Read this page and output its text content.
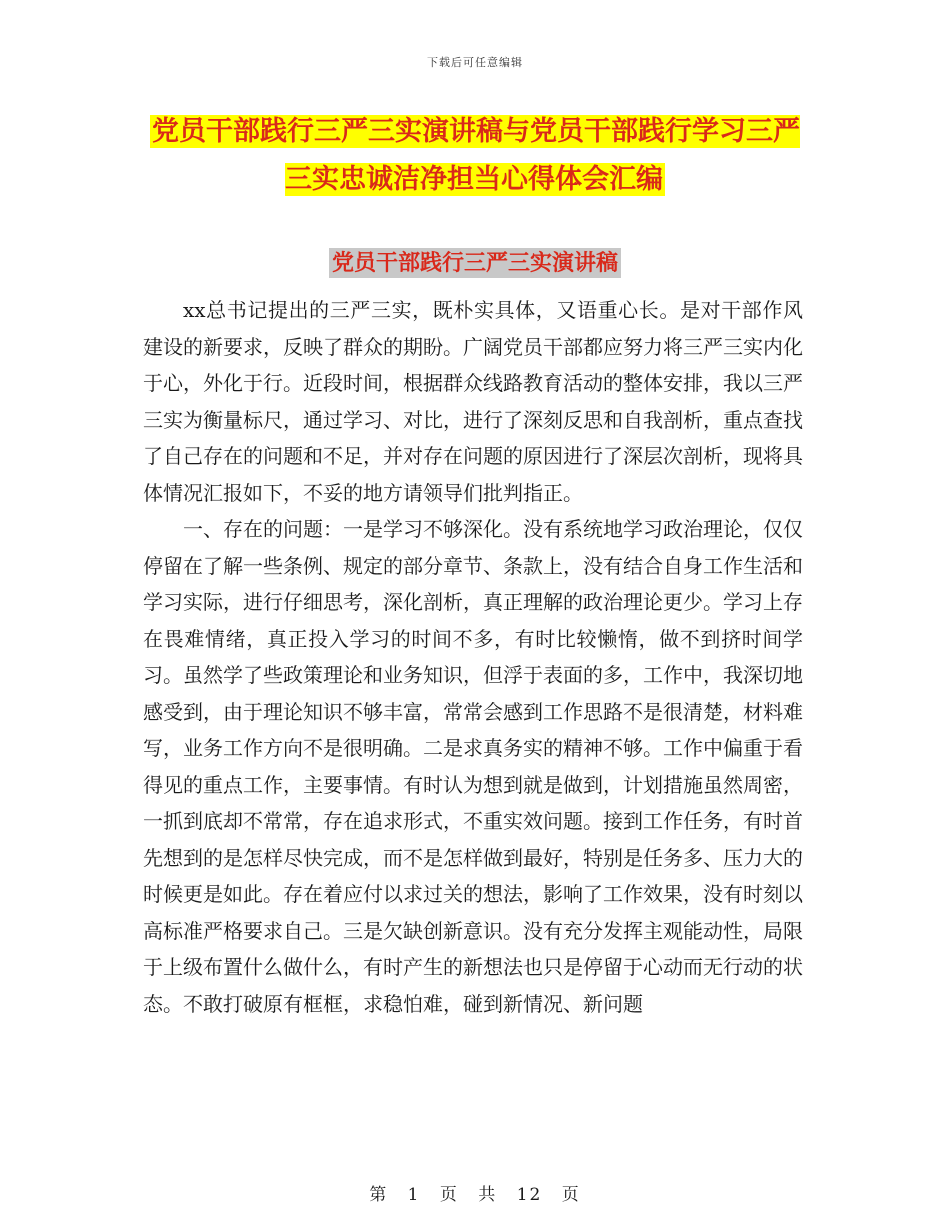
下载后可任意编辑
党员干部践行三严三实演讲稿与党员干部践行学习三严三实忠诚洁净担当心得体会汇编
党员干部践行三严三实演讲稿

xx总书记提出的三严三实，既朴实具体，又语重心长。是对干部作风建设的新要求，反映了群众的期盼。广阔党员干部都应努力将三严三实内化于心，外化于行。近段时间，根据群众线路教育活动的整体安排，我以三严三实为衡量标尺，通过学习、对比，进行了深刻反思和自我剖析，重点查找了自己存在的问题和不足，并对存在问题的原因进行了深层次剖析，现将具体情况汇报如下，不妥的地方请领导们批判指正。

一、存在的问题：一是学习不够深化。没有系统地学习政治理论，仅仅停留在了解一些条例、规定的部分章节、条款上，没有结合自身工作生活和学习实际，进行仔细思考，深化剖析，真正理解的政治理论更少。学习上存在畏难情绪，真正投入学习的时间不多，有时比较懒惰，做不到挤时间学习。虽然学了些政策理论和业务知识，但浮于表面的多，工作中，我深切地感受到，由于理论知识不够丰富，常常会感到工作思路不是很清楚，材料难写，业务工作方向不是很明确。二是求真务实的精神不够。工作中偏重于看得见的重点工作，主要事情。有时认为想到就是做到，计划措施虽然周密，一抓到底却不常常，存在追求形式，不重实效问题。接到工作任务，有时首先想到的是怎样尽快完成，而不是怎样做到最好，特别是任务多、压力大的时候更是如此。存在着应付以求过关的想法，影响了工作效果，没有时刻以高标准严格要求自己。三是欠缺创新意识。没有充分发挥主观能动性，局限于上级布置什么做什么，有时产生的新想法也只是停留于心动而无行动的状态。不敢打破原有框框，求稳怕难，碰到新情况、新问题

第 1 页 共 12 页
